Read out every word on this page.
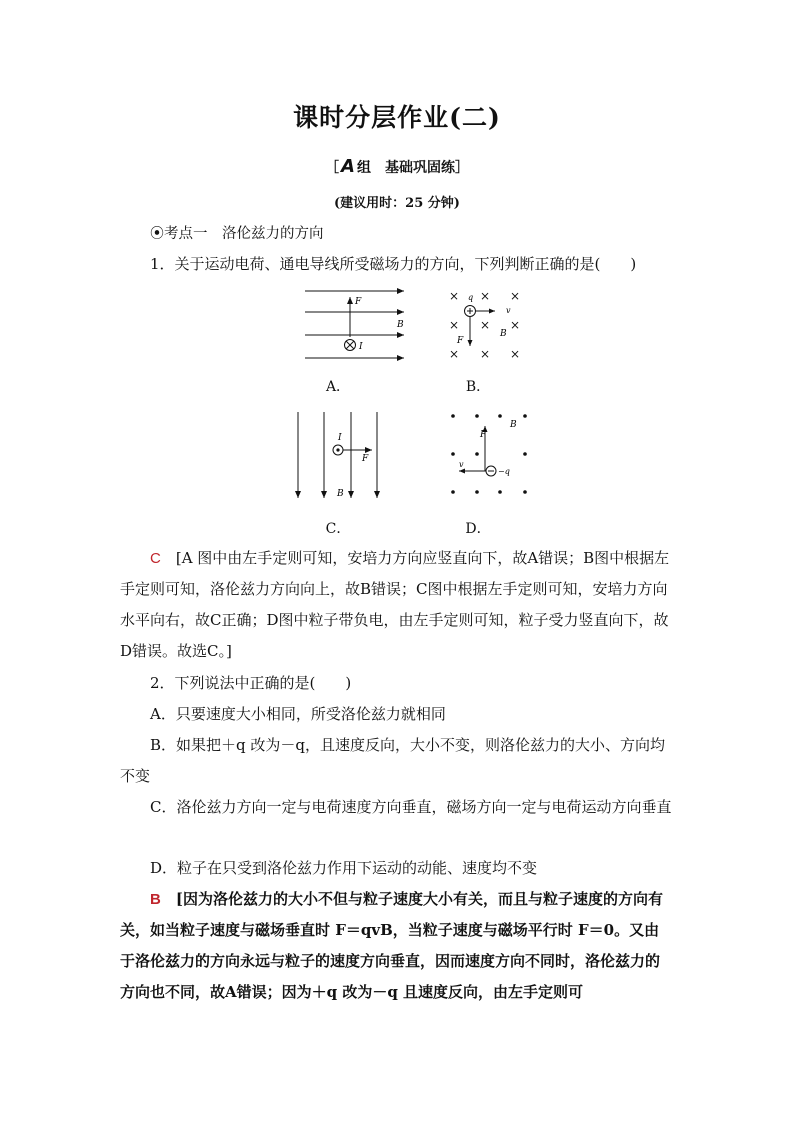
课时分层作业(二)
［ A 组　基础巩固练］
(建议用时：25 分钟)
⦿考点一　洛伦兹力的方向
1．关于运动电荷、通电导线所受磁场力的方向，下列判断正确的是(　　)
F
B
I
A．
× × ×
× × ×
× × ×
q
v
F
B
B．
I
F
B
C．
F
B
v
−q
D．
C　 [A 图中由左手定则可知，安培力方向应竖直向下，故A错误；B图中根据左手定则可知，洛伦兹力方向向上，故B错误；C图中根据左手定则可知，安培力方向水平向右，故C正确；D图中粒子带负电，由左手定则可知，粒子受力竖直向下，故D错误。故选C。]
2．下列说法中正确的是(　　)
A．只要速度大小相同，所受洛伦兹力就相同
B．如果把＋q 改为－q，且速度反向，大小不变，则洛伦兹力的大小、方向均不变
C．洛伦兹力方向一定与电荷速度方向垂直，磁场方向一定与电荷运动方向垂直
D．粒子在只受到洛伦兹力作用下运动的动能、速度均不变
B　 [因为洛伦兹力的大小不但与粒子速度大小有关，而且与粒子速度的方向有关，如当粒子速度与磁场垂直时 F＝qvB，当粒子速度与磁场平行时 F＝0。又由于洛伦兹力的方向永远与粒子的速度方向垂直，因而速度方向不同时，洛伦兹力的方向也不同，故A错误；因为＋q 改为－q 且速度反向，由左手定则可
